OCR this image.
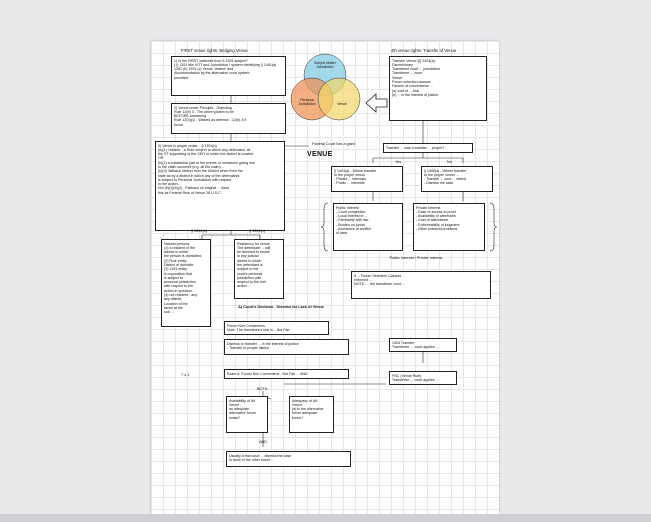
FIRST venue rights: Bridging Venue	4th venue rights: Transfer of Venue
Subject Matter Jurisdiction
Personal Jurisdiction	Venue
Federal Court has a giant
VENUE
1) Is the FIRST outbreak from 5 1391 subject?
(1) 1391 title VOT and Jurisdiction? system identifying § 1441(a)
1391 (b) 1391 (c) Venue 'Vested' and
Accommodation by the alternative court system
provided.
2) Venue under Principle - Objecting
Rule 12(b) 3 - The other system to be
BEFORE answering
Rule 12(h)(1) - Waived as defense - 12(b) 3 if
found
3) Venue is proper under... § 1391(b)
(b)(1) 'resides' - a Rule subject to which any defendant, all
the ST supporting of the 1391 to which the district is located
OR
(b)(2) a substantial part of the events or omissions giving rise
to the claim occurred (e.g. all the claim)...
(b)(3) 'fallback' district from the District when from the
state as by a district in which any of the defendants
is subject to Personal Jurisdiction with respect
to the action...
Not (b)(1)(b)(2) - Fallback on original ... does
this as Federal Rule of Venue 28 U.S.C.
§ 1391(b)	§ 1391(c)
Natural persons
(1) a resident of the
district in which
the person is domiciled;
(2) Rule entity -
District of domicile;
(3) 1391 entity
A corporation that
is subject to
personal jurisdiction
with respect to the
action in question
(4) not resident - any
any district;
Location of the
factor at the
suit ...
Residency for venue
The defendant ... will
be deemed to reside
in any judicial
district in which
the defendant is
subject to the
court's personal
jurisdiction with
respect to the civil
action ...
A) Court's Decision - Dismiss for Lack of Venue
Forum Non Conveniens
Note: The transferee's test is... Not Fair
Dismiss or transfer ... in the interest of justice
- Transfer to proper district
Exam A. Forum Non Conveniens - Not Fair ... AND
BOTH
Availability of Alt
Venue -
an adequate
alternative forum
exists?
Adequacy of Alt
Venue -
(a) is the alternative
forum adequate
forum?
AND
Usually a trial court ... dismiss the case
in favor of the other forum...
? 4.1
Transfer Venue §§ 1404(a)
Discretionary
Transferee court ... jurisdiction
Transferee ... court
Venue
Forum selection clauses
Factors of convenience ...
(a) cost of ... trial
(b) ... in the interest of justice
Transfer ... was a transfer ... proper?
Yes	No
§ 1404(a) - Where transfer
to the proper venue
- Private ... interests
- Public ... interests
§ 1406(a) - Where transfer
to the proper venue ...
- Transfer ... cure ... defect
- Dismiss the case
Public Interest
- Court congestion
- Local interest in ...
- Familiarity with law
- Burden on jurors
- Avoidance of conflict
of laws
Private Interest
- Ease of access to proof
- Availability of witnesses
- Cost of attendance
- Enforceability of judgment
- Other practical problems
Public Interest / Private Interest
If ... Forum Selection Clauses ...
enforced ...
NOTE: ... the transferee court ...
1404 Transfer
Transferee ... court applies ...
FNC (Venue Rule)
Transferee ... court applies ...
